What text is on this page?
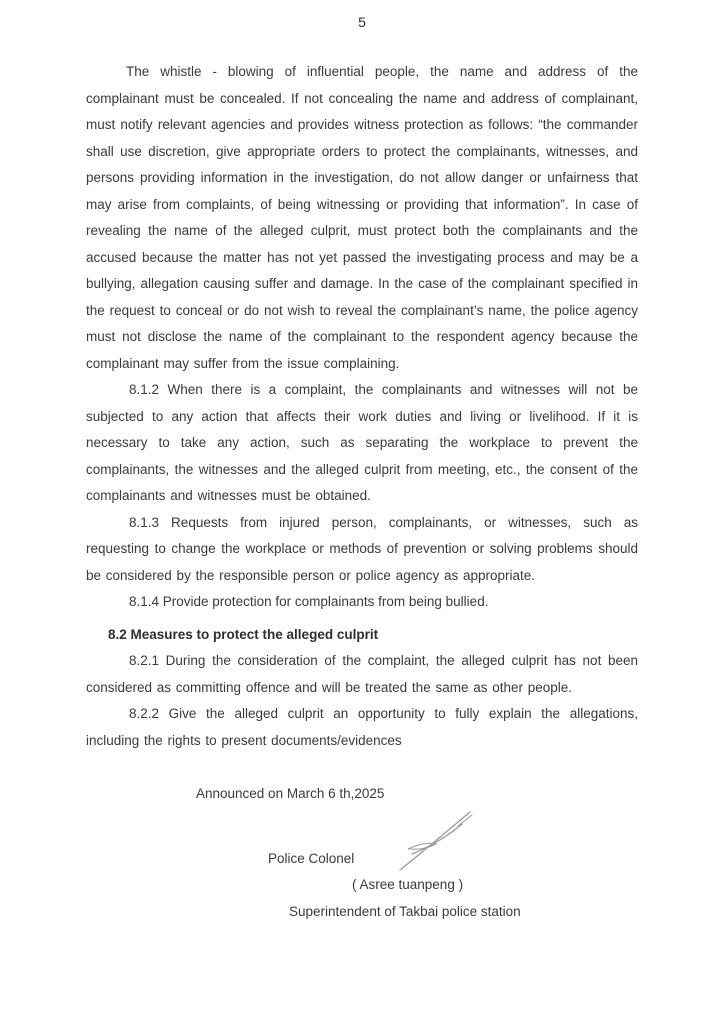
5

The whistle - blowing of influential people, the name and address of the complainant must be concealed. If not concealing the name and address of complainant, must notify relevant agencies and provides witness protection as follows: “the commander shall use discretion, give appropriate orders to protect the complainants, witnesses, and persons providing information in the investigation, do not allow danger or unfairness that may arise from complaints, of being witnessing or providing that information”. In case of revealing the name of the alleged culprit, must protect both the complainants and the accused because the matter has not yet passed the investigating process and may be a bullying, allegation causing suffer and damage. In the case of the complainant specified in the request to conceal or do not wish to reveal the complainant’s name, the police agency must not disclose the name of the complainant to the respondent agency because the complainant may suffer from the issue complaining.

8.1.2 When there is a complaint, the complainants and witnesses will not be subjected to any action that affects their work duties and living or livelihood. If it is necessary to take any action, such as separating the workplace to prevent the complainants, the witnesses and the alleged culprit from meeting, etc., the consent of the complainants and witnesses must be obtained.

8.1.3 Requests from injured person, complainants, or witnesses, such as requesting to change the workplace or methods of prevention or solving problems should be considered by the responsible person or police agency as appropriate.

8.1.4 Provide protection for complainants from being bullied.

8.2 Measures to protect the alleged culprit

8.2.1 During the consideration of the complaint, the alleged culprit has not been considered as committing offence and will be treated the same as other people.

8.2.2 Give the alleged culprit an opportunity to fully explain the allegations, including the rights to present documents/evidences

Announced on March 6 th,2025

Police Colonel

( Asree tuanpeng )

Superintendent of Takbai police station
